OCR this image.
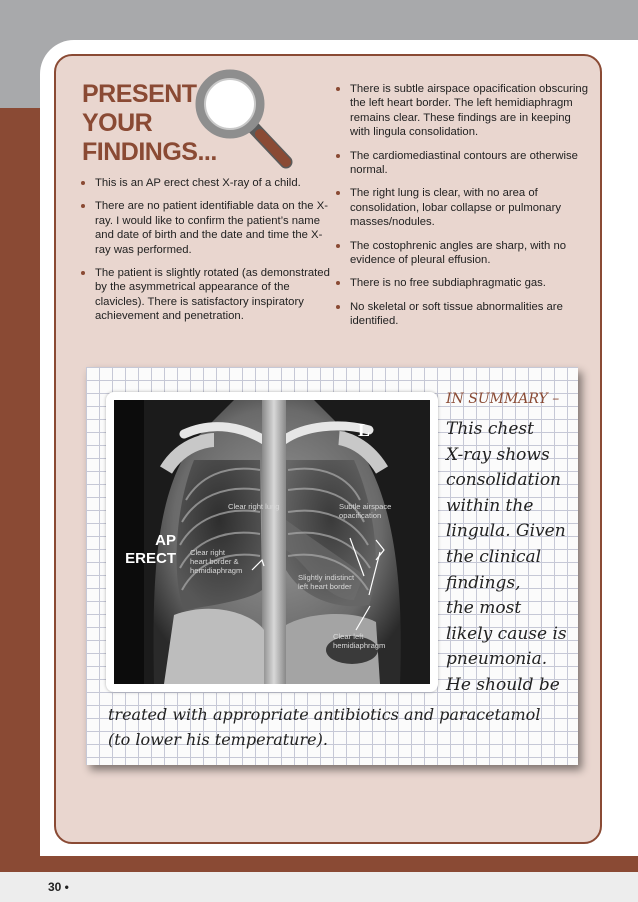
PRESENT
YOUR
FINDINGS...
This is an AP erect chest X-ray of a child.
There are no patient identifiable data on the X-ray. I would like to confirm the patient’s name and date of birth and the date and time the X-ray was performed.
The patient is slightly rotated (as demonstrated by the asymmetrical appearance of the clavicles). There is satisfactory inspiratory achievement and penetration.
There is subtle airspace opacification obscuring the left heart border. The left hemidiaphragm remains clear. These findings are in keeping with lingula consolidation.
The cardiomediastinal contours are otherwise normal.
The right lung is clear, with no area of consolidation, lobar collapse or pulmonary masses/nodules.
The costophrenic angles are sharp, with no evidence of pleural effusion.
There is no free subdiaphragmatic gas.
No skeletal or soft tissue abnormalities are identified.
L
AP
ERECT
Clear right lung	Subtle airspace
opacification
Clear right
heart border &
hemidiaphragm
Slightly indistinct
left heart border
Clear left
hemidiaphragm
IN SUMMARY –
This chest
X-ray shows
consolidation
within the
lingula. Given
the clinical
findings,
the most
likely cause is
pneumonia.
He should be
treated with appropriate antibiotics and paracetamol
(to lower his temperature).
30 •
